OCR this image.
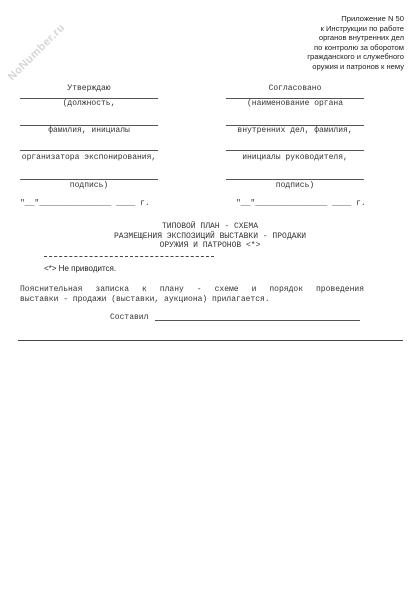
NoNumber.ru
Приложение N 50
к Инструкции по работе
органов внутренних дел
по контролю за оборотом
гражданского и служебного
оружия и патронов к нему
Утверждаю
(должность,
фамилия, инициалы
организатора экспонирования,
подпись)
"__"_______________ ____ г.
Согласовано
(наименование органа
внутренних дел, фамилия,
инициалы руководителя,
подпись)
"__"_______________ ____ г.
ТИПОВОЙ ПЛАН - СХЕМА
РАЗМЕЩЕНИЯ ЭКСПОЗИЦИЙ ВЫСТАВКИ - ПРОДАЖИ
ОРУЖИЯ И ПАТРОНОВ <*>
<*> Не приводится.
Пояснительная записка к плану - схеме и порядок проведения
выставки - продажи (выставки, аукциона) прилагается.
Составил
